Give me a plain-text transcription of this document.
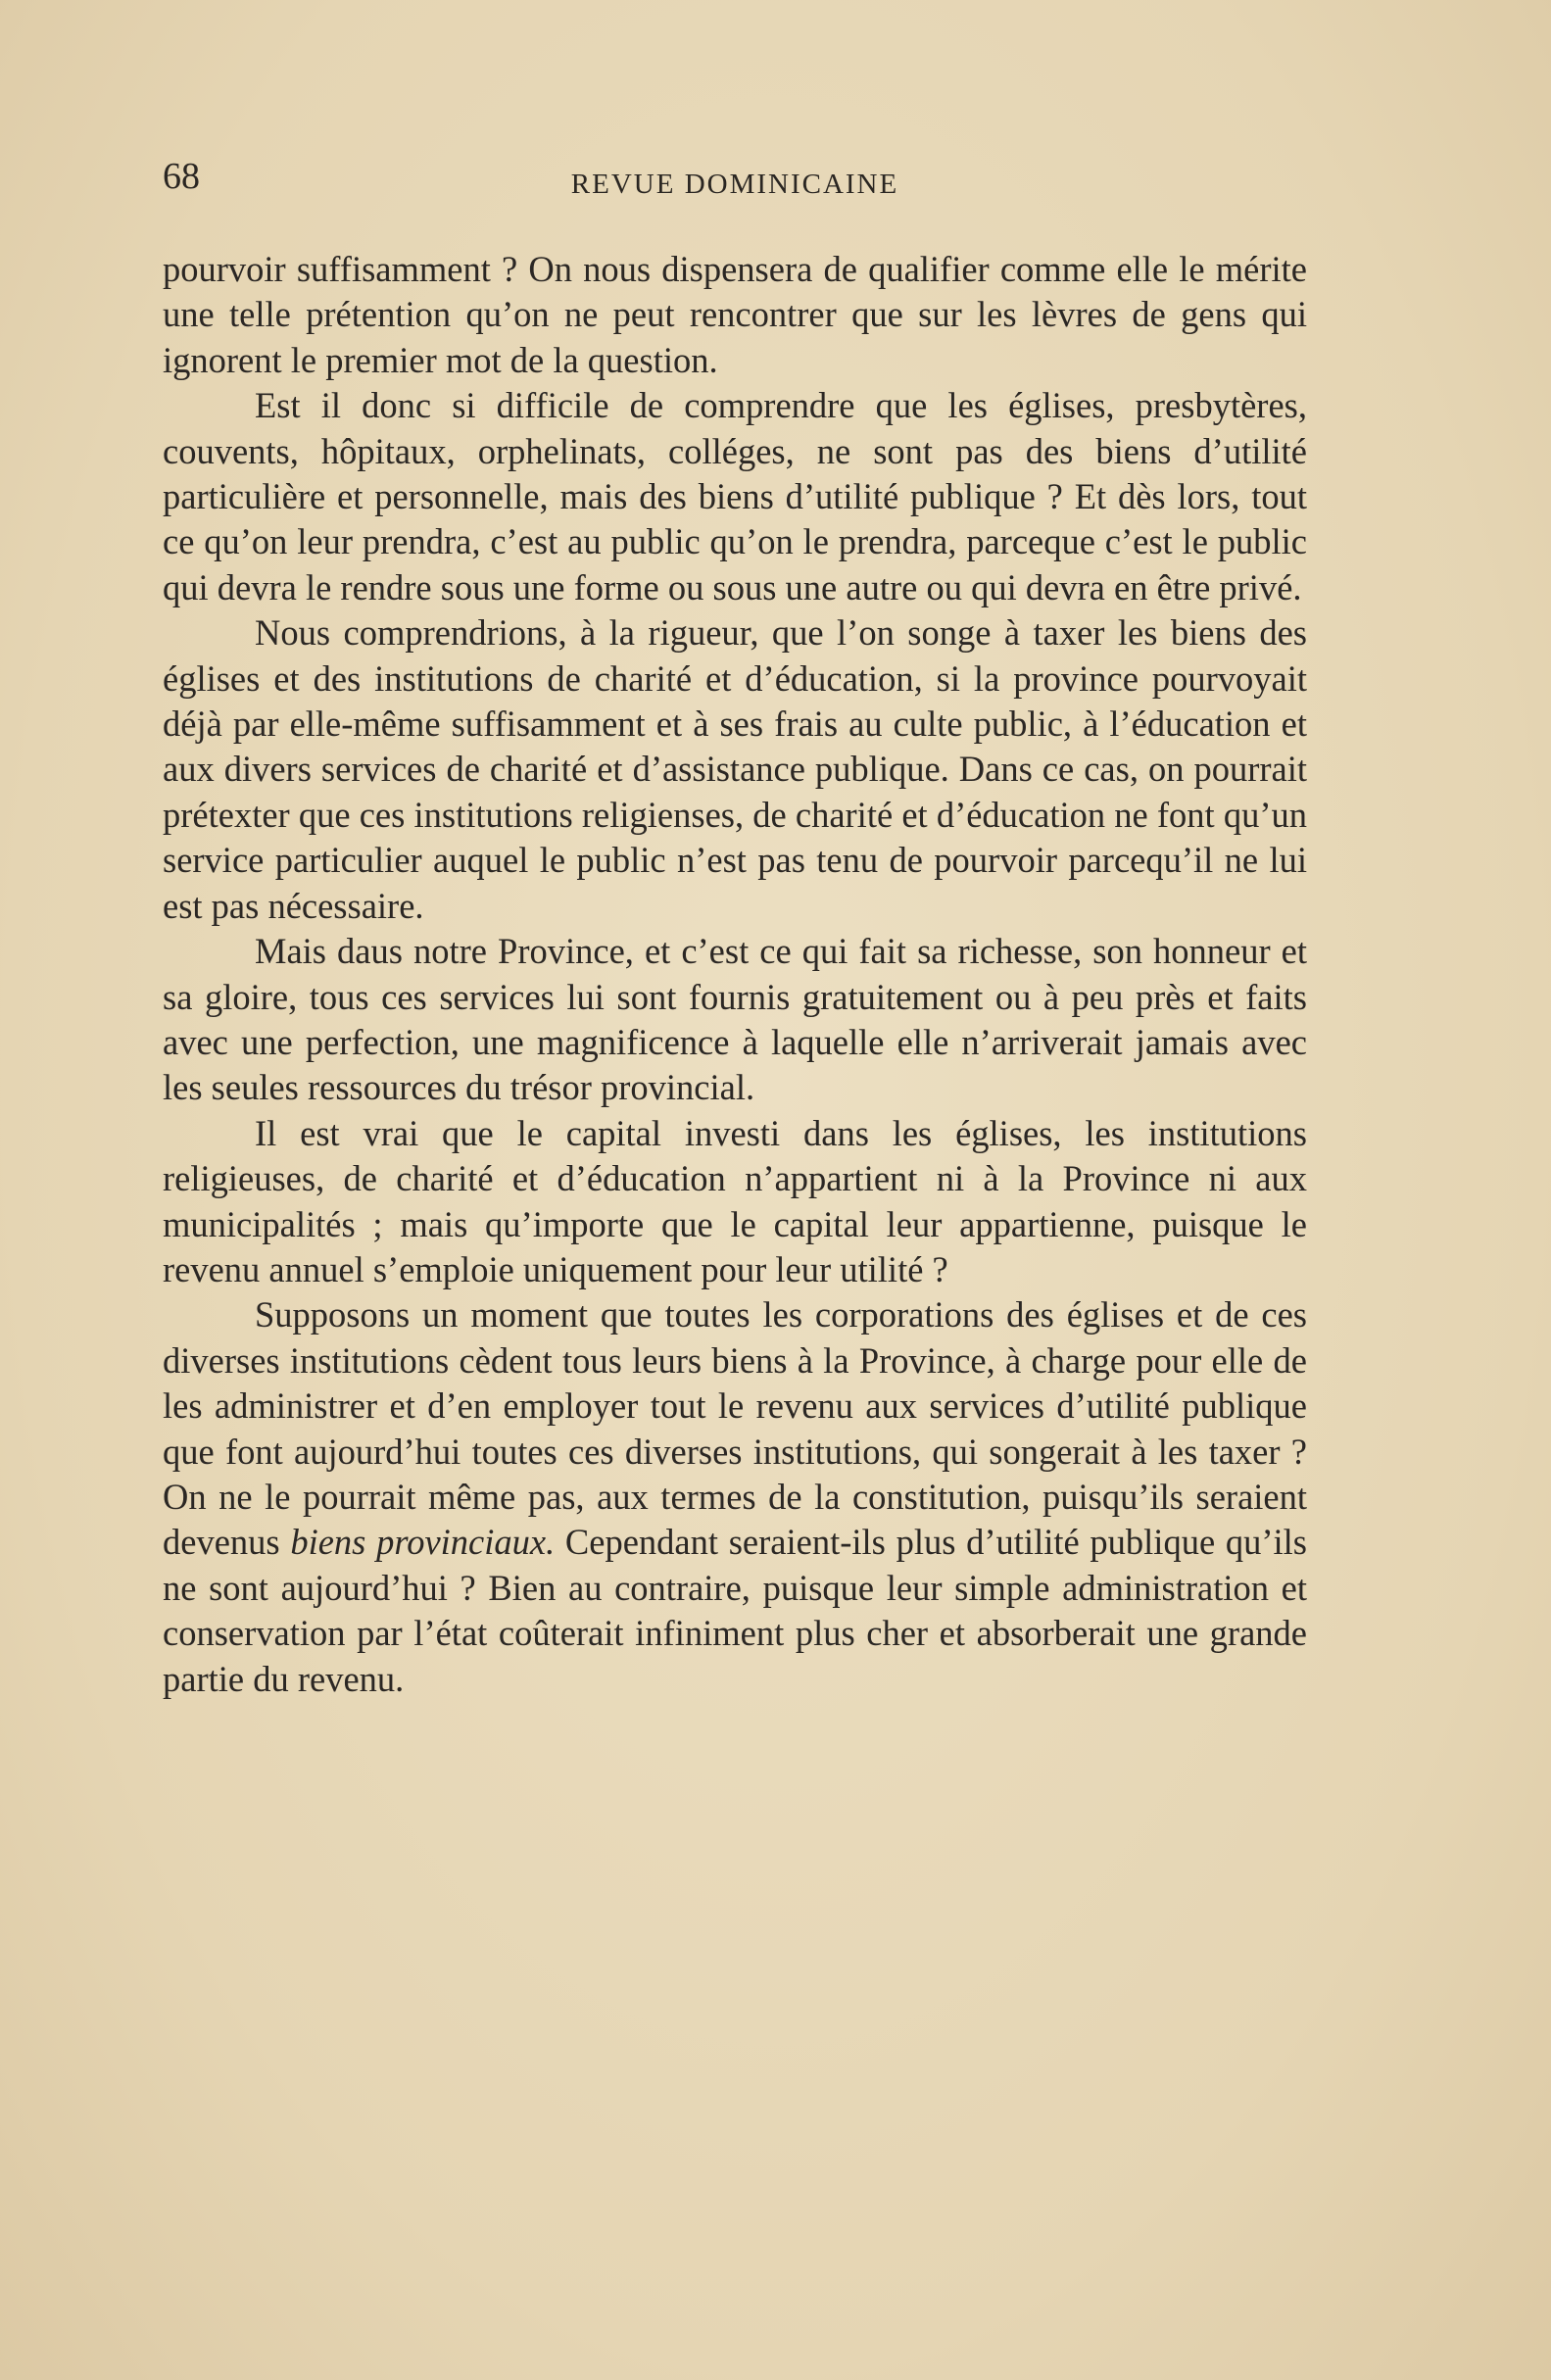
68	REVUE DOMINICAINE

pourvoir suffisamment ? On nous dispensera de qualifier comme elle le mérite une telle prétention qu’on ne peut rencontrer que sur les lèvres de gens qui ignorent le premier mot de la question.

Est il donc si difficile de comprendre que les églises, presbytères, couvents, hôpitaux, orphelinats, colléges, ne sont pas des biens d’utilité particulière et personnelle, mais des biens d’utilité publique ? Et dès lors, tout ce qu’on leur prendra, c’est au public qu’on le prendra, parceque c’est le public qui devra le rendre sous une forme ou sous une autre ou qui devra en être privé.

Nous comprendrions, à la rigueur, que l’on songe à taxer les biens des églises et des institutions de charité et d’éducation, si la province pourvoyait déjà par elle-même suffisamment et à ses frais au culte public, à l’éducation et aux divers services de charité et d’assistance publique. Dans ce cas, on pourrait prétexter que ces institutions religienses, de charité et d’éducation ne font qu’un service particulier auquel le public n’est pas tenu de pourvoir parcequ’il ne lui est pas nécessaire.

Mais daus notre Province, et c’est ce qui fait sa richesse, son honneur et sa gloire, tous ces services lui sont fournis gratuitement ou à peu près et faits avec une perfection, une magnificence à laquelle elle n’arriverait jamais avec les seules ressources du trésor provincial.

Il est vrai que le capital investi dans les églises, les institutions religieuses, de charité et d’éducation n’appartient ni à la Province ni aux municipalités ; mais qu’importe que le capital leur appartienne, puisque le revenu annuel s’emploie uniquement pour leur utilité ?

Supposons un moment que toutes les corporations des églises et de ces diverses institutions cèdent tous leurs biens à la Province, à charge pour elle de les administrer et d’en employer tout le revenu aux services d’utilité publique que font aujourd’hui toutes ces diverses institutions, qui songerait à les taxer ? On ne le pourrait même pas, aux termes de la constitution, puisqu’ils seraient devenus biens provinciaux. Cependant seraient-ils plus d’utilité publique qu’ils ne sont aujourd’hui ? Bien au contraire, puisque leur simple administration et conservation par l’état coûterait infiniment plus cher et absorberait une grande partie du revenu.
